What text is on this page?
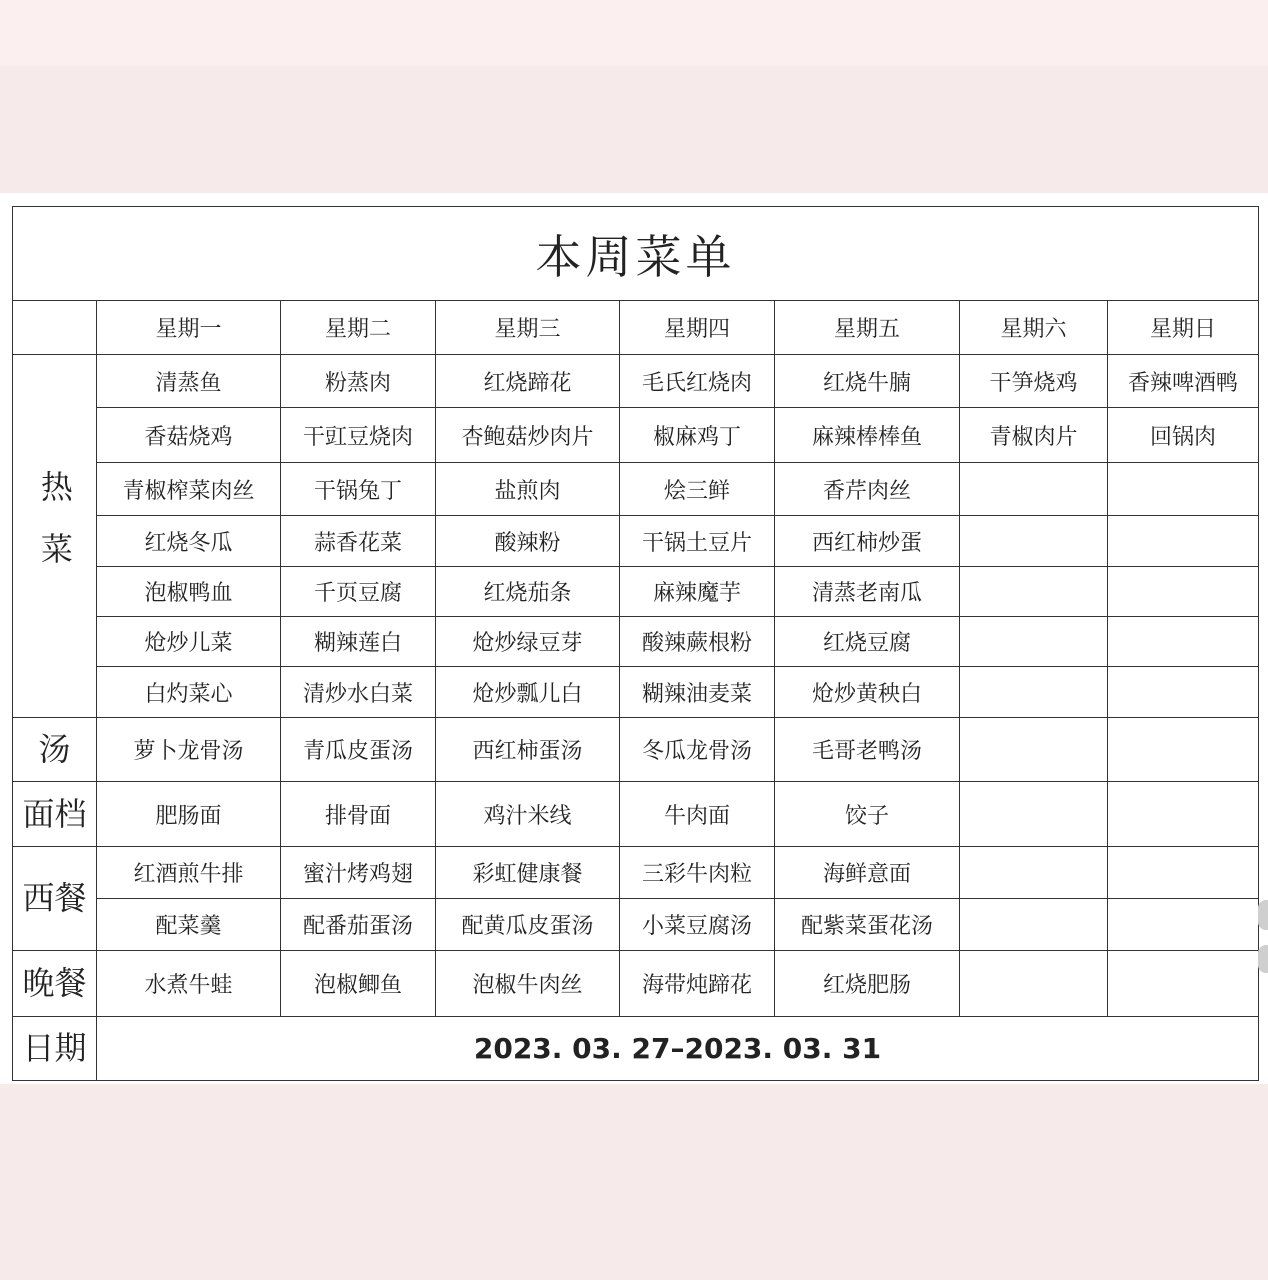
本周菜单							
	星期一	星期二	星期三	星期四	星期五	星期六	星期日
热菜	清蒸鱼	粉蒸肉	红烧蹄花	毛氏红烧肉	红烧牛腩	干笋烧鸡	香辣啤酒鸭
	香菇烧鸡	干豇豆烧肉	杏鲍菇炒肉片	椒麻鸡丁	麻辣棒棒鱼	青椒肉片	回锅肉
	青椒榨菜肉丝	干锅兔丁	盐煎肉	烩三鲜	香芹肉丝		
	红烧冬瓜	蒜香花菜	酸辣粉	干锅土豆片	西红柿炒蛋		
	泡椒鸭血	千页豆腐	红烧茄条	麻辣魔芋	清蒸老南瓜		
	炝炒儿菜	糊辣莲白	炝炒绿豆芽	酸辣蕨根粉	红烧豆腐		
	白灼菜心	清炒水白菜	炝炒瓢儿白	糊辣油麦菜	炝炒黄秧白		
汤	萝卜龙骨汤	青瓜皮蛋汤	西红柿蛋汤	冬瓜龙骨汤	毛哥老鸭汤		
面档	肥肠面	排骨面	鸡汁米线	牛肉面	饺子		
西餐	红酒煎牛排	蜜汁烤鸡翅	彩虹健康餐	三彩牛肉粒	海鲜意面		
	配菜羹	配番茄蛋汤	配黄瓜皮蛋汤	小菜豆腐汤	配紫菜蛋花汤		
晚餐	水煮牛蛙	泡椒鲫鱼	泡椒牛肉丝	海带炖蹄花	红烧肥肠		
日期	2023. 03. 27–2023. 03. 31						
